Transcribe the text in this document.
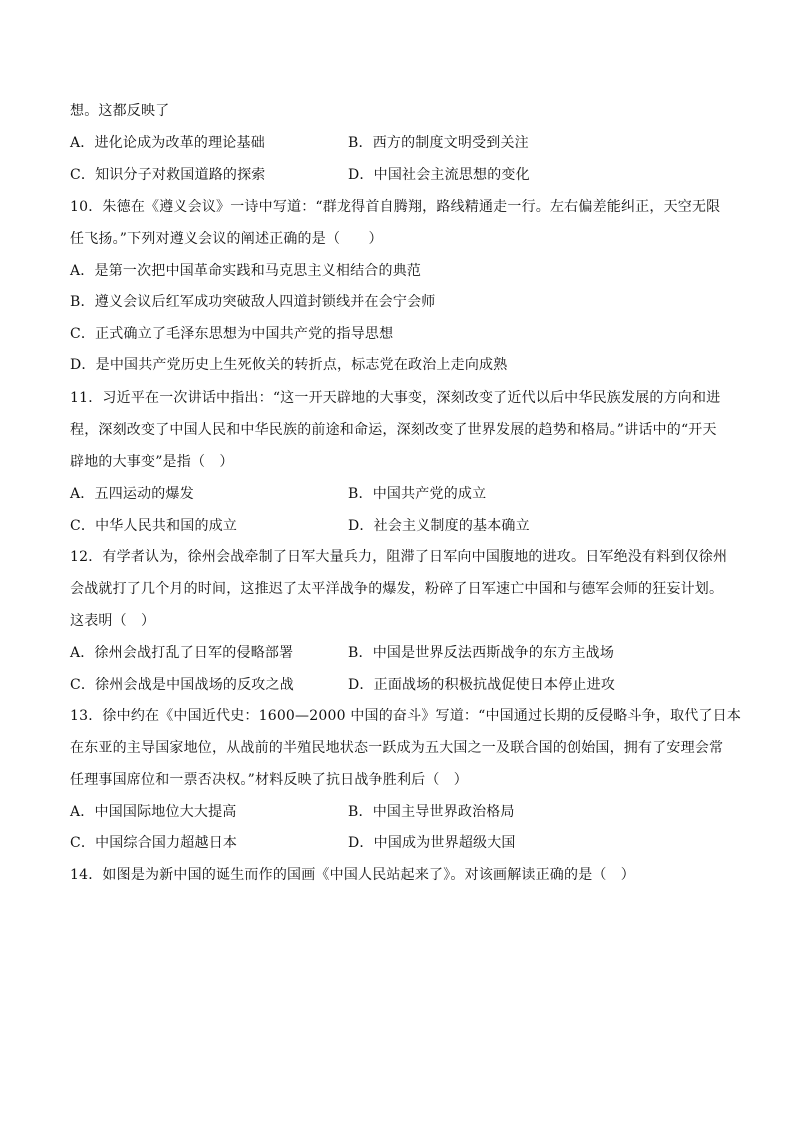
想。这都反映了
A．进化论成为改革的理论基础	B．西方的制度文明受到关注
C．知识分子对救国道路的探索	D．中国社会主流思想的变化
10．朱德在《遵义会议》一诗中写道：“群龙得首自腾翔，路线精通走一行。左右偏差能纠正，天空无限
任飞扬。”下列对遵义会议的阐述正确的是（　　）
A．是第一次把中国革命实践和马克思主义相结合的典范
B．遵义会议后红军成功突破敌人四道封锁线并在会宁会师
C．正式确立了毛泽东思想为中国共产党的指导思想
D．是中国共产党历史上生死攸关的转折点，标志党在政治上走向成熟
11．习近平在一次讲话中指出：“这一开天辟地的大事变，深刻改变了近代以后中华民族发展的方向和进
程，深刻改变了中国人民和中华民族的前途和命运，深刻改变了世界发展的趋势和格局。”讲话中的“开天
辟地的大事变”是指（　）
A．五四运动的爆发	B．中国共产党的成立
C．中华人民共和国的成立	D．社会主义制度的基本确立
12．有学者认为，徐州会战牵制了日军大量兵力，阻滞了日军向中国腹地的进攻。日军绝没有料到仅徐州
会战就打了几个月的时间，这推迟了太平洋战争的爆发，粉碎了日军速亡中国和与德军会师的狂妄计划。
这表明（　）
A．徐州会战打乱了日军的侵略部署	B．中国是世界反法西斯战争的东方主战场
C．徐州会战是中国战场的反攻之战	D．正面战场的积极抗战促使日本停止进攻
13．徐中约在《中国近代史：1600—2000 中国的奋斗》写道：“中国通过长期的反侵略斗争，取代了日本
在东亚的主导国家地位，从战前的半殖民地状态一跃成为五大国之一及联合国的创始国，拥有了安理会常
任理事国席位和一票否决权。”材料反映了抗日战争胜利后（　）
A．中国国际地位大大提高	B．中国主导世界政治格局
C．中国综合国力超越日本	D．中国成为世界超级大国
14．如图是为新中国的诞生而作的国画《中国人民站起来了》。对该画解读正确的是（　）
